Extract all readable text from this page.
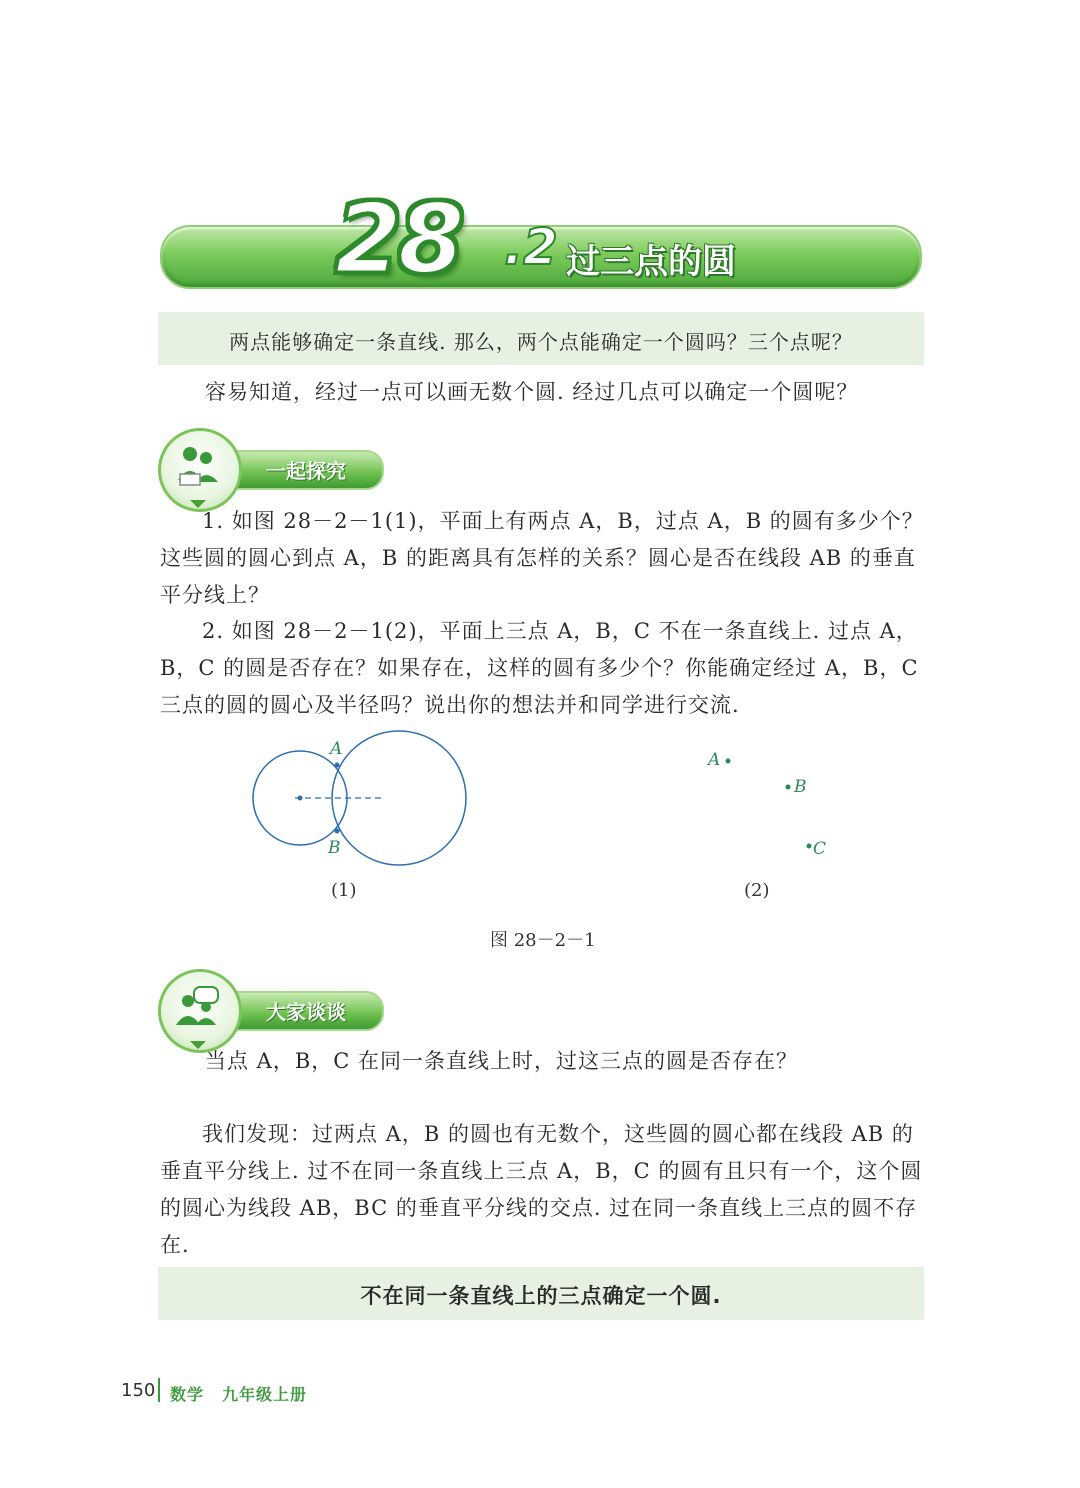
28 .2 过三点的圆
两点能够确定一条直线. 那么，两个点能确定一个圆吗？三个点呢？
容易知道，经过一点可以画无数个圆. 经过几点可以确定一个圆呢？
一起探究
1. 如图 28－2－1(1)，平面上有两点 A，B，过点 A，B 的圆有多少个？这些圆的圆心到点 A，B 的距离具有怎样的关系？圆心是否在线段 AB 的垂直平分线上？
2. 如图 28－2－1(2)，平面上三点 A，B，C 不在一条直线上. 过点 A，B，C 的圆是否存在？如果存在，这样的圆有多少个？你能确定经过 A，B，C 三点的圆的圆心及半径吗？说出你的想法并和同学进行交流.
A
B
A
B
C
(1)	(2)
图 28－2－1
大家谈谈
当点 A，B，C 在同一条直线上时，过这三点的圆是否存在？
我们发现：过两点 A，B 的圆也有无数个，这些圆的圆心都在线段 AB 的垂直平分线上. 过不在同一条直线上三点 A，B，C 的圆有且只有一个，这个圆的圆心为线段 AB，BC 的垂直平分线的交点. 过在同一条直线上三点的圆不存在.
不在同一条直线上的三点确定一个圆.
150 数学 九年级上册
